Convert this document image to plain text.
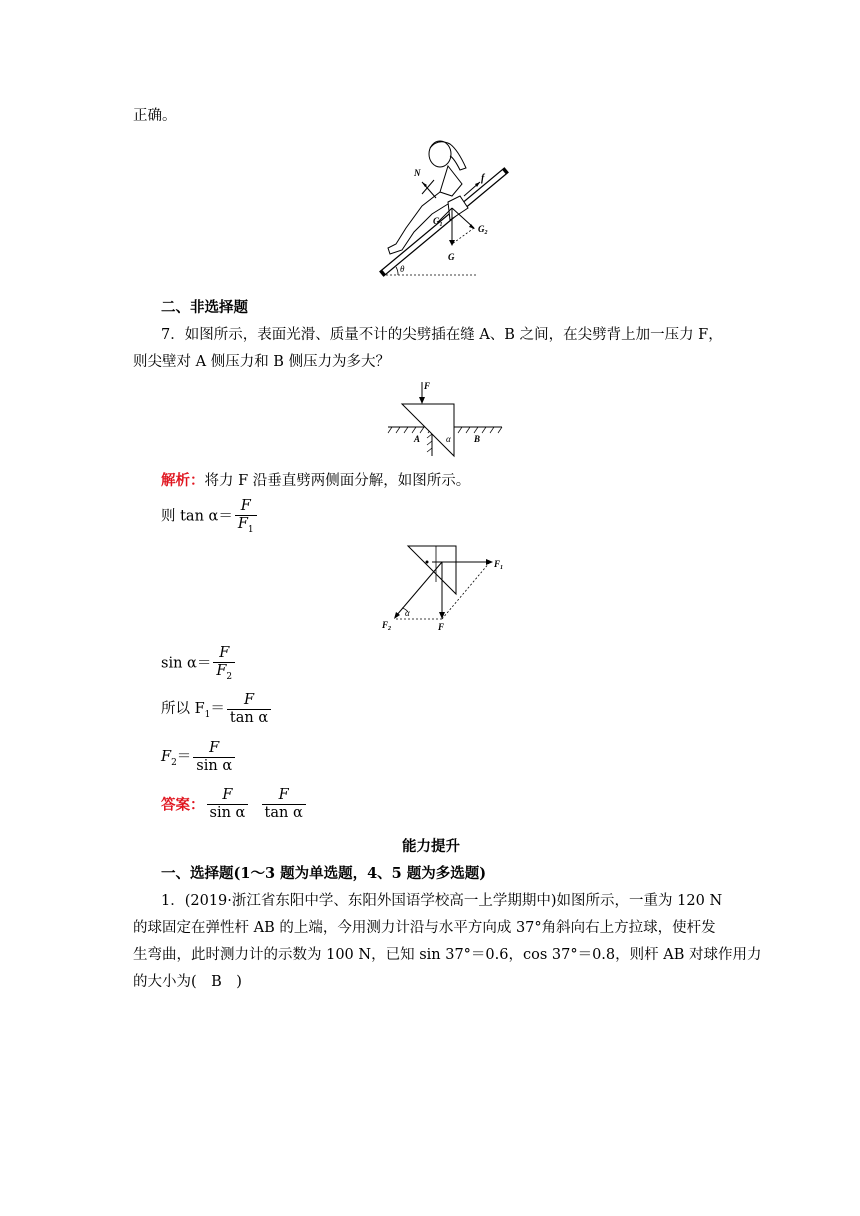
正确。
N	f
G
$G_2$
$G_1$
θ
二、非选择题
7．如图所示，表面光滑、质量不计的尖劈插在缝 A、B 之间，在尖劈背上加一压力 F，
则尖壁对 A 侧压力和 B 侧压力为多大？
F
A	α	B
解析：将力 F 沿垂直劈两侧面分解，如图所示。
则 $\tan \alpha= \frac{F}{F_1}$
$F_1$
F
$F_2$
α
$\sin \alpha= \frac{F}{F_2}$
所以 $F_1= \frac{F}{\text{tan α}}$
$F_2= \frac{F}{\text{sin α}}$
答案： $\frac{F}{\text{sin α}}$
$\frac{F}{\text{tan α}}$
能力提升
一、选择题(1～3 题为单选题，4、5 题为多选题)
1．(2019·浙江省东阳中学、东阳外国语学校高一上学期期中)如图所示，一重为 120 N
的球固定在弹性杆 AB 的上端，今用测力计沿与水平方向成 37°角斜向右上方拉球，使杆发
生弯曲，此时测力计的示数为 100 N，已知 sin 37°＝0.6，cos 37°＝0.8，则杆 AB 对球作用力
的大小为(　B　)
